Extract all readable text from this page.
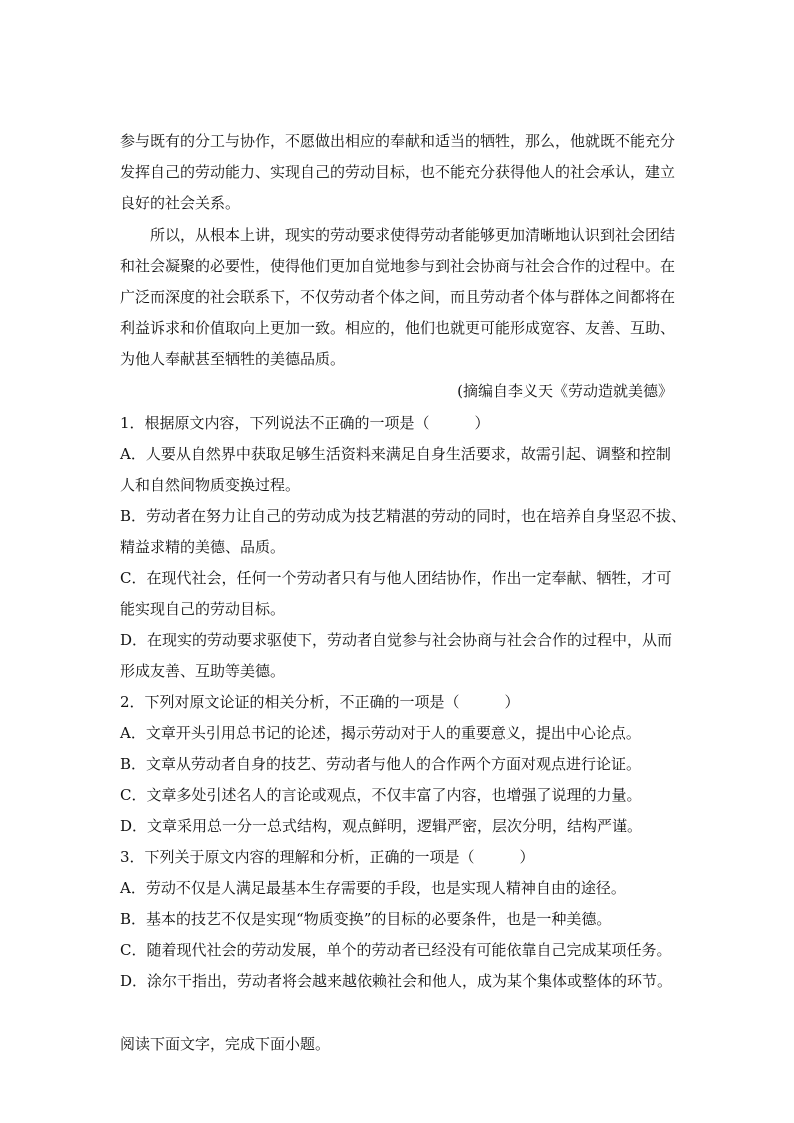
参与既有的分工与协作，不愿做出相应的奉献和适当的牺牲，那么，他就既不能充分
发挥自己的劳动能力、实现自己的劳动目标，也不能充分获得他人的社会承认，建立
良好的社会关系。
所以，从根本上讲，现实的劳动要求使得劳动者能够更加清晰地认识到社会团结
和社会凝聚的必要性，使得他们更加自觉地参与到社会协商与社会合作的过程中。在
广泛而深度的社会联系下，不仅劳动者个体之间，而且劳动者个体与群体之间都将在
利益诉求和价值取向上更加一致。相应的，他们也就更可能形成宽容、友善、互助、
为他人奉献甚至牺牲的美德品质。
(摘编自李义天《劳动造就美德》
1．根据原文内容，下列说法不正确的一项是（　　　）
A．人要从自然界中获取足够生活资料来满足自身生活要求，故需引起、调整和控制
人和自然间物质变换过程。
B．劳动者在努力让自己的劳动成为技艺精湛的劳动的同时，也在培养自身坚忍不拔、
精益求精的美德、品质。
C．在现代社会，任何一个劳动者只有与他人团结协作，作出一定奉献、牺牲，才可
能实现自己的劳动目标。
D．在现实的劳动要求驱使下，劳动者自觉参与社会协商与社会合作的过程中，从而
形成友善、互助等美德。
2．下列对原文论证的相关分析，不正确的一项是（　　　）
A．文章开头引用总书记的论述，揭示劳动对于人的重要意义，提出中心论点。
B．文章从劳动者自身的技艺、劳动者与他人的合作两个方面对观点进行论证。
C．文章多处引述名人的言论或观点，不仅丰富了内容，也增强了说理的力量。
D．文章采用总一分一总式结构，观点鲜明，逻辑严密，层次分明，结构严谨。
3．下列关于原文内容的理解和分析，正确的一项是（　　　）
A．劳动不仅是人满足最基本生存需要的手段，也是实现人精神自由的途径。
B．基本的技艺不仅是实现“物质变换”的目标的必要条件，也是一种美德。
C．随着现代社会的劳动发展，单个的劳动者已经没有可能依靠自己完成某项任务。
D．涂尔干指出，劳动者将会越来越依赖社会和他人，成为某个集体或整体的环节。
阅读下面文字，完成下面小题。
